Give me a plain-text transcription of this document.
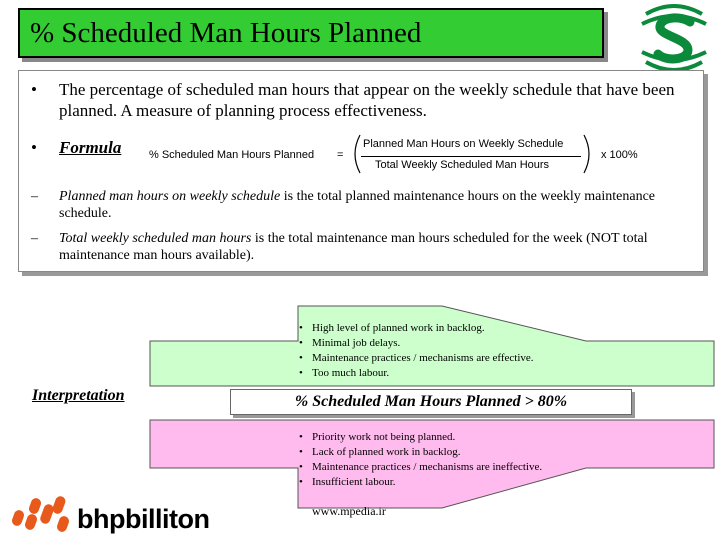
% Scheduled Man Hours Planned
• The percentage of scheduled man hours that appear on the weekly schedule that have been planned. A measure of planning process effectiveness.
• Formula	% Scheduled Man Hours Planned =
Planned Man Hours on Weekly Schedule
Total Weekly Scheduled Man Hours
x 100%
– Planned man hours on weekly schedule is the total planned maintenance hours on the weekly maintenance schedule.
– Total weekly scheduled man hours is the total maintenance man hours scheduled for the week (NOT total maintenance man hours available).
• High level of planned work in backlog.
• Minimal job delays.
• Maintenance practices / mechanisms are effective.
• Too much labour.
Interpretation	% Scheduled Man Hours Planned > 80%
• Priority work not being planned.
• Lack of planned work in backlog.
• Maintenance practices / mechanisms are ineffective.
• Insufficient labour.
www.mpedia.ir
bhpbilliton
